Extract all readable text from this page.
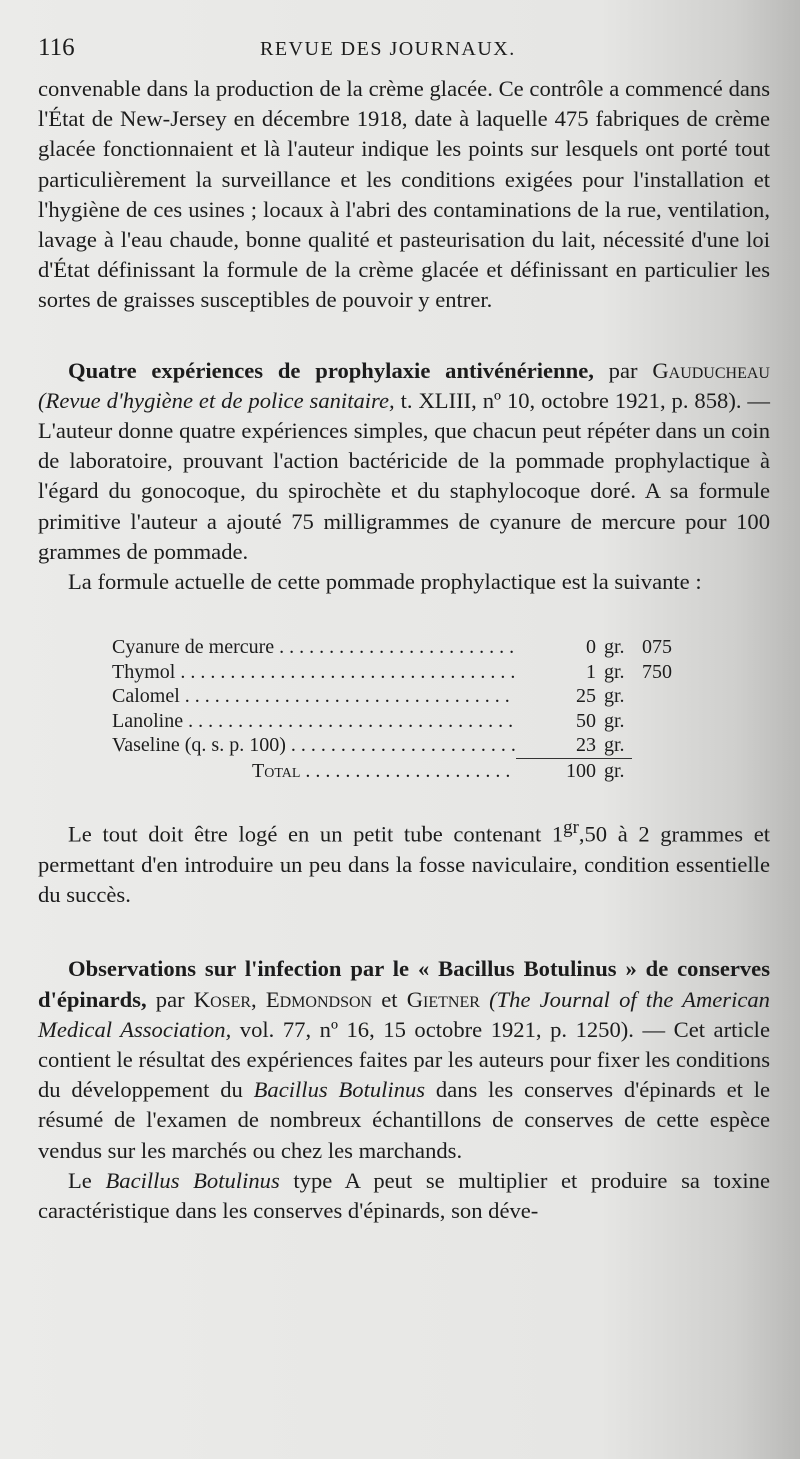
116	REVUE DES JOURNAUX.

convenable dans la production de la crème glacée. Ce contrôle a commencé dans l'État de New-Jersey en décembre 1918, date à laquelle 475 fabriques de crème glacée fonctionnaient et là l'auteur indique les points sur lesquels ont porté tout particulièrement la surveillance et les conditions exigées pour l'installation et l'hygiène de ces usines ; locaux à l'abri des contaminations de la rue, ventilation, lavage à l'eau chaude, bonne qualité et pasteurisation du lait, nécessité d'une loi d'État définissant la formule de la crème glacée et définissant en particulier les sortes de graisses susceptibles de pouvoir y entrer.

Quatre expériences de prophylaxie antivénérienne, par Gauducheau (Revue d'hygiène et de police sanitaire, t. XLIII, nº 10, octobre 1921, p. 858). — L'auteur donne quatre expériences simples, que chacun peut répéter dans un coin de laboratoire, prouvant l'action bactéricide de la pommade prophylactique à l'égard du gonocoque, du spirochète et du staphylocoque doré. A sa formule primitive l'auteur a ajouté 75 milligrammes de cyanure de mercure pour 100 grammes de pommade.

La formule actuelle de cette pommade prophylactique est la suivante :

Cyanure de mercure . . .	0 gr. 075
Thymol . . .	1 gr. 750
Calomel . . .	25 gr.
Lanoline . . .	50 gr.
Vaseline (q. s. p. 100) . . .	23 gr.
Total . . .	100 gr.

Le tout doit être logé en un petit tube contenant $1^{gr},50$ à 2 grammes et permettant d'en introduire un peu dans la fosse naviculaire, condition essentielle du succès.

Observations sur l'infection par le « Bacillus Botulinus » de conserves d'épinards, par Koser, Edmondson et Gietner (The Journal of the American Medical Association, vol. 77, nº 16, 15 octobre 1921, p. 1250). — Cet article contient le résultat des expériences faites par les auteurs pour fixer les conditions du développement du Bacillus Botulinus dans les conserves d'épinards et le résumé de l'examen de nombreux échantillons de conserves de cette espèce vendus sur les marchés ou chez les marchands.

Le Bacillus Botulinus type A peut se multiplier et produire sa toxine caractéristique dans les conserves d'épinards, son déve-
